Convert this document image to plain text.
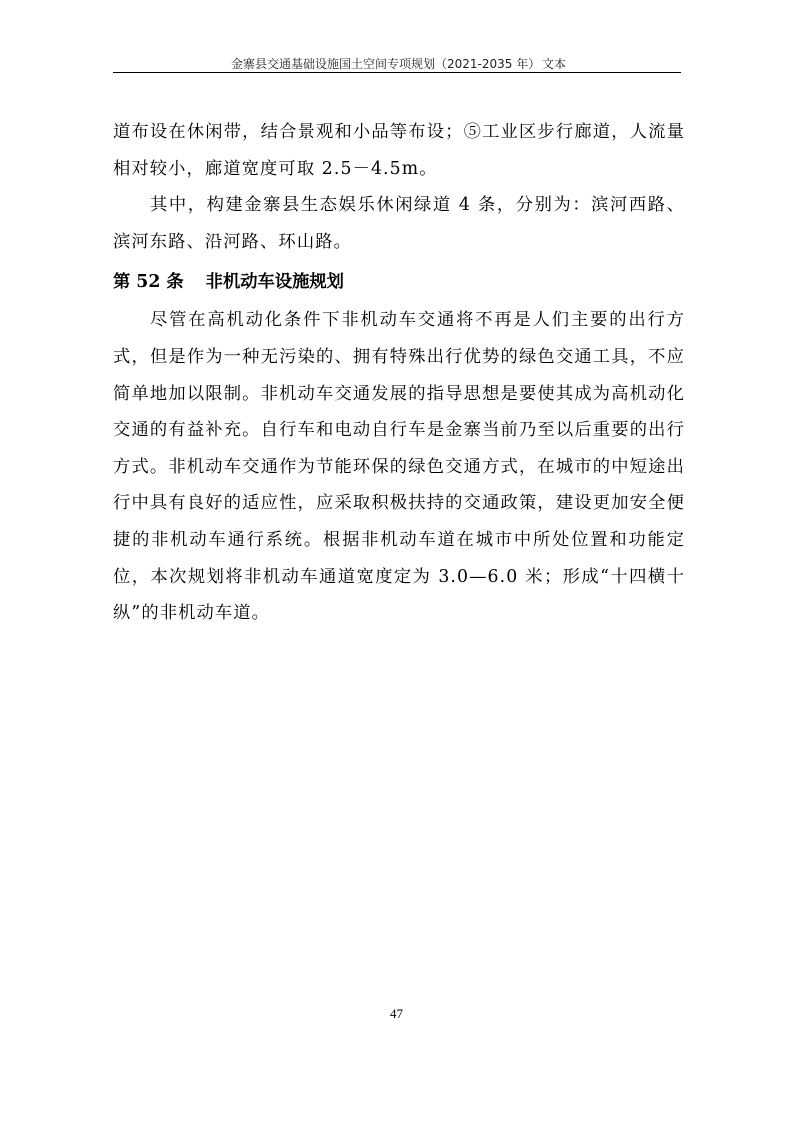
金寨县交通基础设施国土空间专项规划（2021-2035 年） 文本

道布设在休闲带，结合景观和小品等布设；⑤工业区步行廊道，人流量相对较小，廊道宽度可取 2.5－4.5m。

其中，构建金寨县生态娱乐休闲绿道 4 条，分别为：滨河西路、滨河东路、沿河路、环山路。

第 52 条 非机动车设施规划

尽管在高机动化条件下非机动车交通将不再是人们主要的出行方式，但是作为一种无污染的、拥有特殊出行优势的绿色交通工具，不应简单地加以限制。非机动车交通发展的指导思想是要使其成为高机动化交通的有益补充。自行车和电动自行车是金寨当前乃至以后重要的出行方式。非机动车交通作为节能环保的绿色交通方式，在城市的中短途出行中具有良好的适应性，应采取积极扶持的交通政策，建设更加安全便捷的非机动车通行系统。根据非机动车道在城市中所处位置和功能定位，本次规划将非机动车通道宽度定为 3.0—6.0 米；形成“十四横十纵”的非机动车道。

47
